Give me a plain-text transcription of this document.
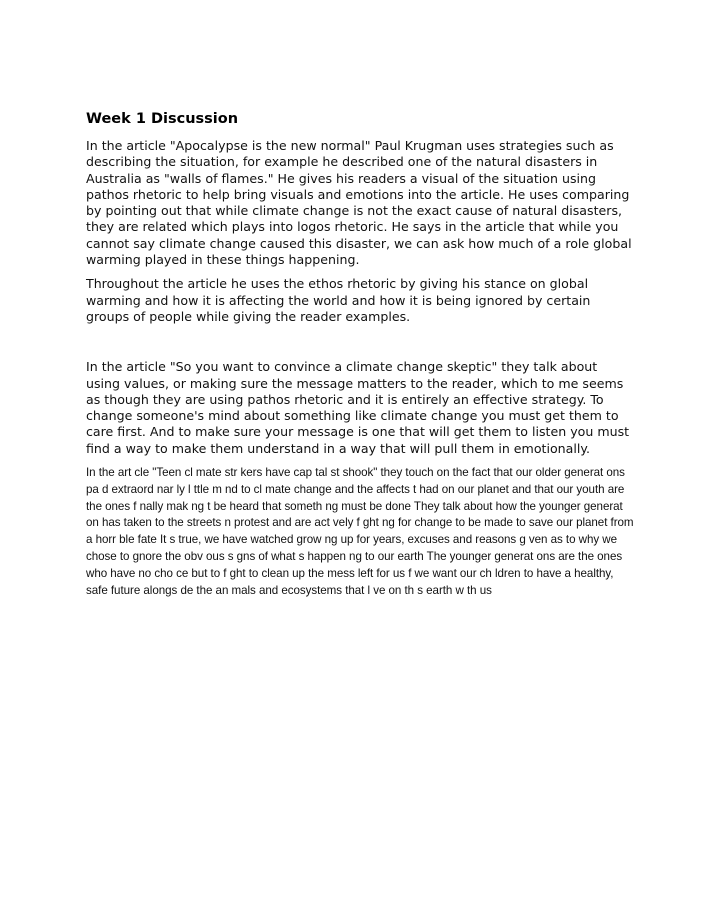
Week 1 Discussion

In the article "Apocalypse is the new normal" Paul Krugman uses strategies such as describing the situation, for example he described one of the natural disasters in Australia as "walls of flames." He gives his readers a visual of the situation using pathos rhetoric to help bring visuals and emotions into the article. He uses comparing by pointing out that while climate change is not the exact cause of natural disasters, they are related which plays into logos rhetoric. He says in the article that while you cannot say climate change caused this disaster, we can ask how much of a role global warming played in these things happening.

Throughout the article he uses the ethos rhetoric by giving his stance on global warming and how it is affecting the world and how it is being ignored by certain groups of people while giving the reader examples.

In the article "So you want to convince a climate change skeptic" they talk about using values, or making sure the message matters to the reader, which to me seems as though they are using pathos rhetoric and it is entirely an effective strategy. To change someone's mind about something like climate change you must get them to care first. And to make sure your message is one that will get them to listen you must find a way to make them understand in a way that will pull them in emotionally.

In the art cle "Teen cl mate str kers have cap tal st shook" they touch on the fact that our older generat ons pa d extraord nar ly l ttle m nd to cl mate change and the affects t had on our planet and that our youth are the ones f nally mak ng t be heard that someth ng must be done They talk about how the younger generat on has taken to the streets n protest and are act vely f ght ng for change to be made to save our planet from a horr ble fate It s true, we have watched grow ng up for years, excuses and reasons g ven as to why we chose to gnore the obv ous s gns of what s happen ng to our earth The younger generat ons are the ones who have no cho ce but to f ght to clean up the mess left for us f we want our ch ldren to have a healthy, safe future alongs de the an mals and ecosystems that l ve on th s earth w th us
